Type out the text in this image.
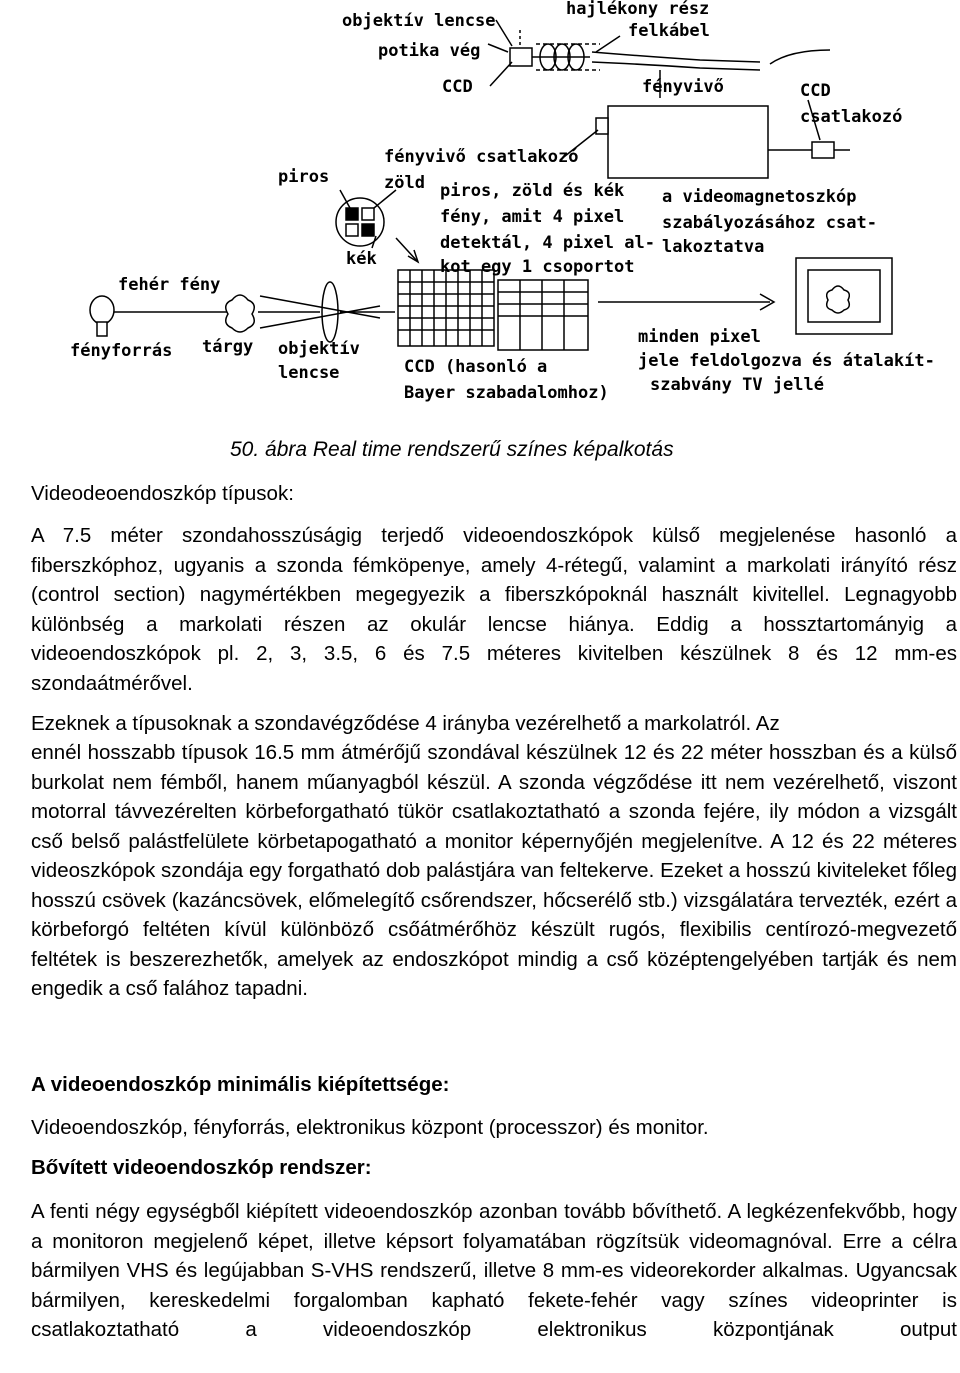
objektív lencse
potika vég
CCD
hajlékony rész
felkábel
fényvivő	CCD
csatlakozó
fényvivő csatlakozó
piros	zöld
kék
piros, zöld és kék
fény, amit 4 pixel
detektál, 4 pixel al-
kot egy 1 csoportot
a videomagnetoszkóp
szabályozásához csat-
lakoztatva
fehér fény
fényforrás tárgy objektív
lencse	CCD (hasonló a
Bayer szabadalomhoz)
minden pixel
jele feldolgozva és átalakít-
szabvány TV jellé
50. ábra Real time rendszerű színes képalkotás
Videodeoendoszkóp típusok:
A 7.5 méter szondahosszúságig terjedő videoendoszkópok külső megjelenése hasonló a fiberszkóphoz, ugyanis a szonda fémköpenye, amely 4-rétegű, valamint a markolati irányító rész (control section) nagymértékben megegyezik a fiberszkópoknál használt kivitellel. Legnagyobb különbség a markolati részen az okulár lencse hiánya. Eddig a hossztartományig a videoendoszkópok pl. 2, 3, 3.5, 6 és 7.5 méteres kivitelben készülnek 8 és 12 mm-es szondaátmérővel.
Ezeknek a típusoknak a szondavégződése 4 irányba vezérelhető a markolatról. Az
ennél hosszabb típusok 16.5 mm átmérőjű szondával készülnek 12 és 22 méter hosszban és a külső burkolat nem fémből, hanem műanyagból készül. A szonda végződése itt nem vezérelhető, viszont motorral távvezérelten körbeforgatható tükör csatlakoztatható a szonda fejére, ily módon a vizsgált cső belső palástfelülete körbetapogatható a monitor képernyőjén megjelenítve. A 12 és 22 méteres videoszkópok szondája egy forgatható dob palástjára van feltekerve. Ezeket a hosszú kiviteleket főleg hosszú csövek (kazáncsövek, előmelegítő csőrendszer, hőcserélő stb.) vizsgálatára tervezték, ezért a körbeforgó feltéten kívül különböző csőátmérőhöz készült rugós, flexibilis centírozó-megvezető feltétek is beszerezhetők, amelyek az endoszkópot mindig a cső középtengelyében tartják és nem engedik a cső falához tapadni.
A videoendoszkóp minimális kiépítettsége:
Videoendoszkóp, fényforrás, elektronikus központ (processzor) és monitor.
Bővített videoendoszkóp rendszer:
A fenti négy egységből kiépített videoendoszkóp azonban tovább bővíthető. A legkézenfekvőbb, hogy a monitoron megjelenő képet, illetve képsort folyamatában rögzítsük videomagnóval. Erre a célra bármilyen VHS és legújabban S-VHS rendszerű, illetve 8 mm-es videorekorder alkalmas. Ugyancsak bármilyen, kereskedelmi forgalomban kapható fekete-fehér vagy színes videoprinter is csatlakoztatható a videoendoszkóp elektronikus központjának output
